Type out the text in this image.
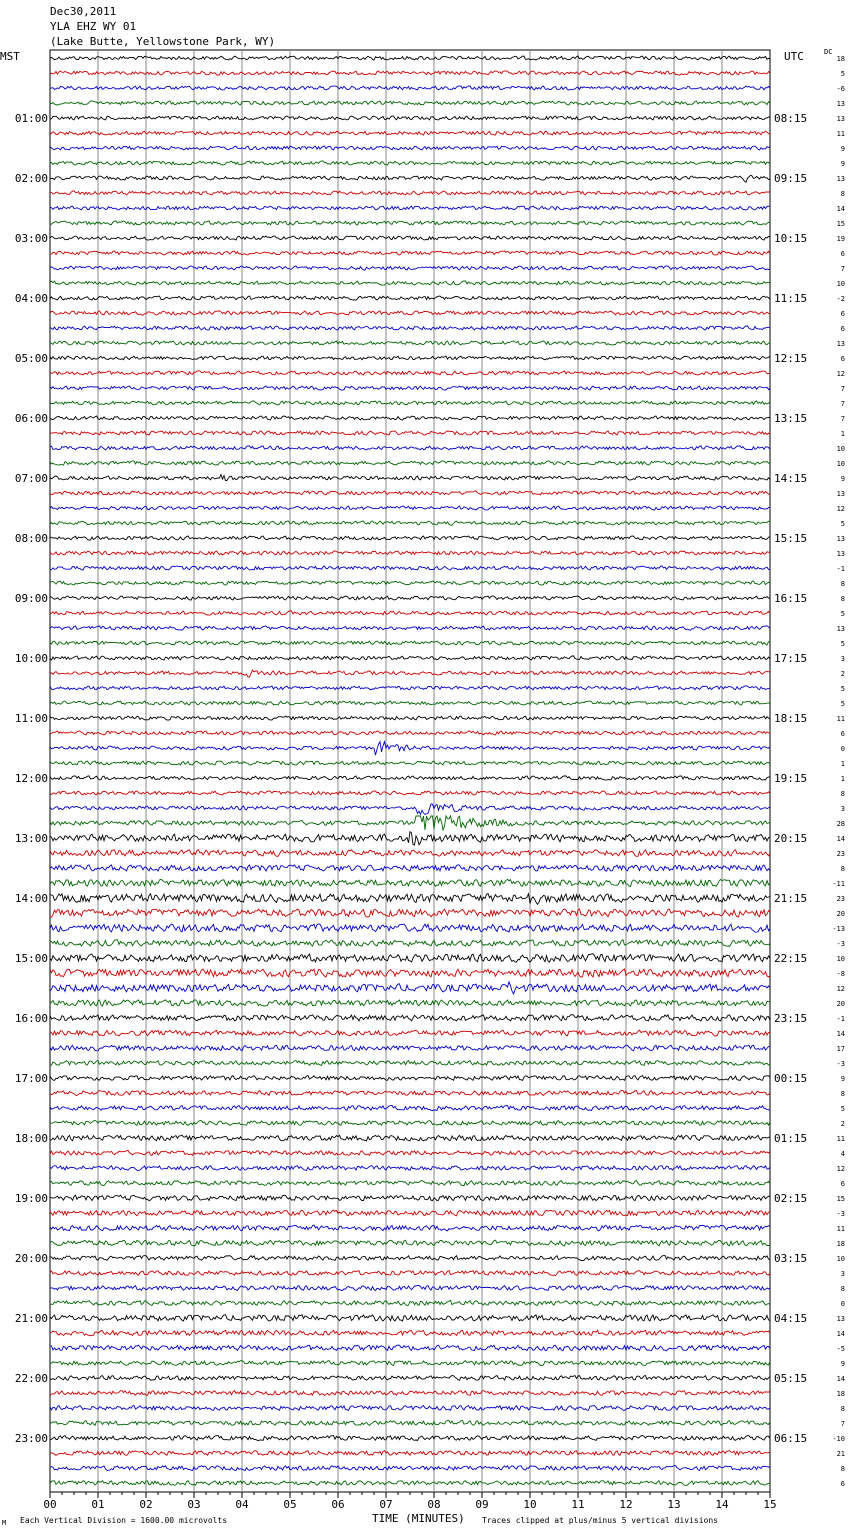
Dec30,2011
YLA EHZ WY 01
(Lake Butte, Yellowstone Park, WY)
MST	UTC	DC
00	01	02	03	04	05	06	07	08	09	10	11	12	13	14	15
18
5
-6
13
13
11
9
9
13
8
14
15
19
6
7
10
-2
6
6
13
6
12
7
7
7
1
10
10
9
13
12
5
13
13
-1
8
8
5
13
5
3
2
5
5
11
6
0
1
1
8
3
28
14
23
8
-11
23
20
-13
-3
10
-8
12
20
-1
14
17
-3
9
8
5
2
11
4
12
6
15
-3
11
18
10
3
8
0
13
14
-5
9
14
18
8
7
-10
21
8
6
01:00	08:15
02:00	09:15
03:00	10:15
04:00	11:15
05:00	12:15
06:00	13:15
07:00	14:15
08:00	15:15
09:00	16:15
10:00	17:15
11:00	18:15
12:00	19:15
13:00	20:15
14:00	21:15
15:00	22:15
16:00	23:15
17:00	00:15
18:00	01:15
19:00	02:15
20:00	03:15
21:00	04:15
22:00	05:15
23:00	06:15
M Each Vertical Division = 1600.00 microvolts	TIME (MINUTES) Traces clipped at plus/minus 5 vertical divisions
